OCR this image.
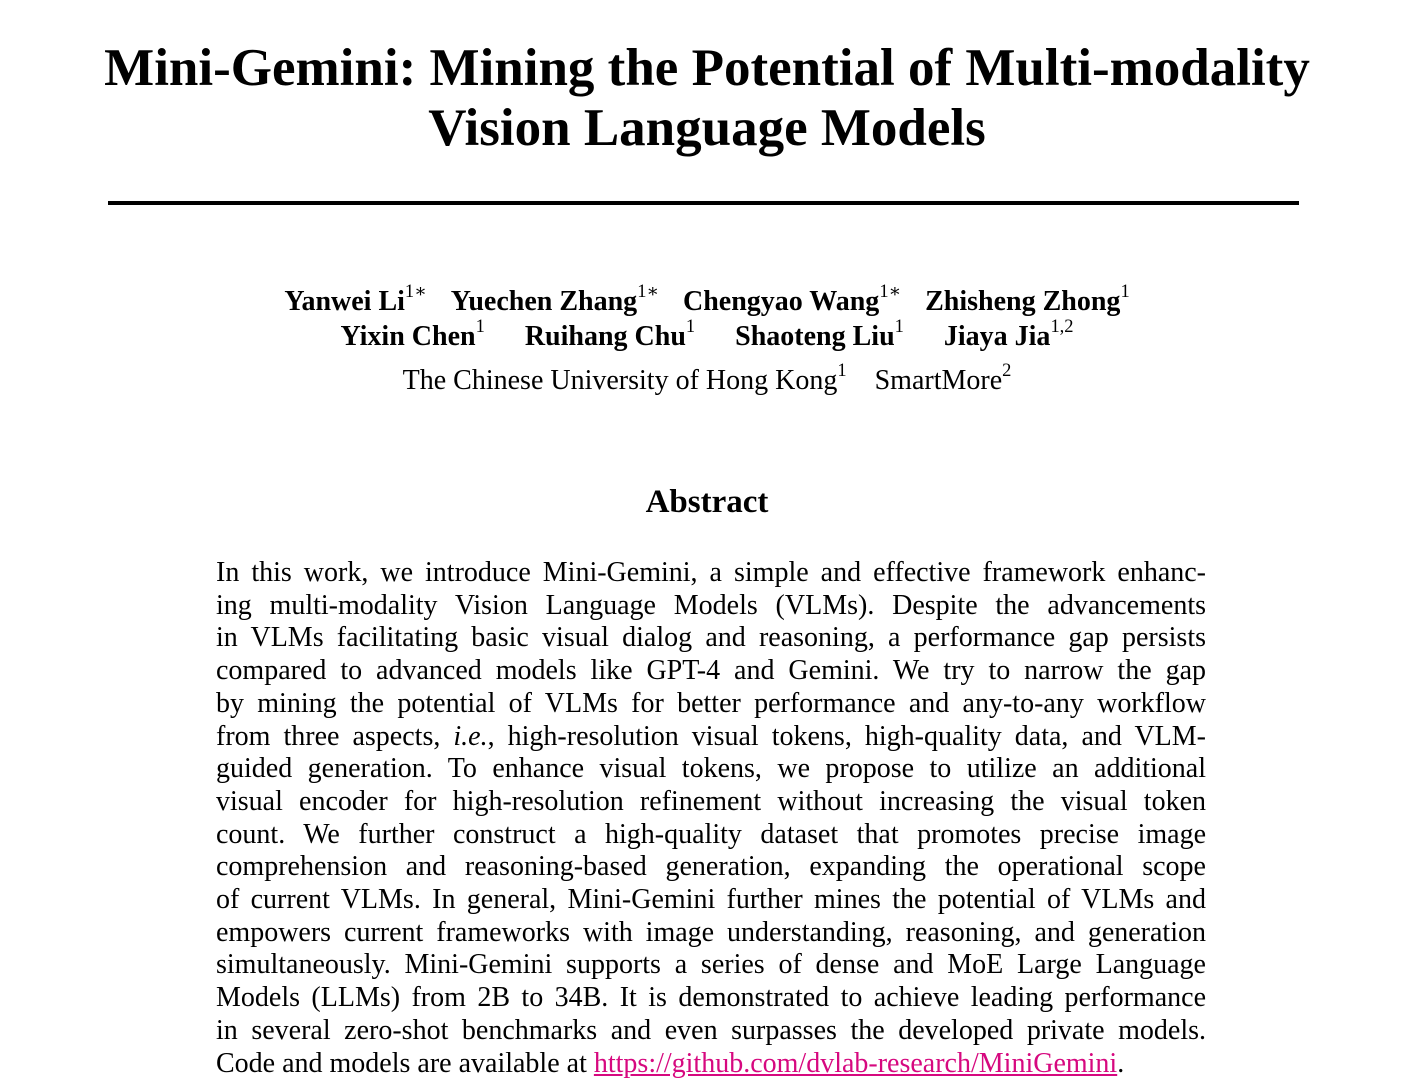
Mini-Gemini: Mining the Potential of Multi-modality
Vision Language Models
Yanwei $Li^{1∗}$ Yuechen Zhang$^{1∗}$ Chengyao Wang$^{1∗}$ Zhisheng Zhong$^1$
Yixin Chen$^1$ Ruihang Chu$^1$ Shaoteng Liu$^1$ Jiaya Jia$^{1,2}$
The Chinese University of Hong Kong$^1$ SmartMore$^2$
Abstract
In this work, we introduce Mini-Gemini, a simple and effective framework enhanc-
ing multi-modality Vision Language Models (VLMs). Despite the advancements
in VLMs facilitating basic visual dialog and reasoning, a performance gap persists
compared to advanced models like GPT-4 and Gemini. We try to narrow the gap
by mining the potential of VLMs for better performance and any-to-any workflow
from three aspects, i.e., high-resolution visual tokens, high-quality data, and VLM-
guided generation. To enhance visual tokens, we propose to utilize an additional
visual encoder for high-resolution refinement without increasing the visual token
count. We further construct a high-quality dataset that promotes precise image
comprehension and reasoning-based generation, expanding the operational scope
of current VLMs. In general, Mini-Gemini further mines the potential of VLMs and
empowers current frameworks with image understanding, reasoning, and generation
simultaneously. Mini-Gemini supports a series of dense and MoE Large Language
Models (LLMs) from 2B to 34B. It is demonstrated to achieve leading performance
in several zero-shot benchmarks and even surpasses the developed private models.
Code and models are available at https://github.com/dvlab-research/MiniGemini.
